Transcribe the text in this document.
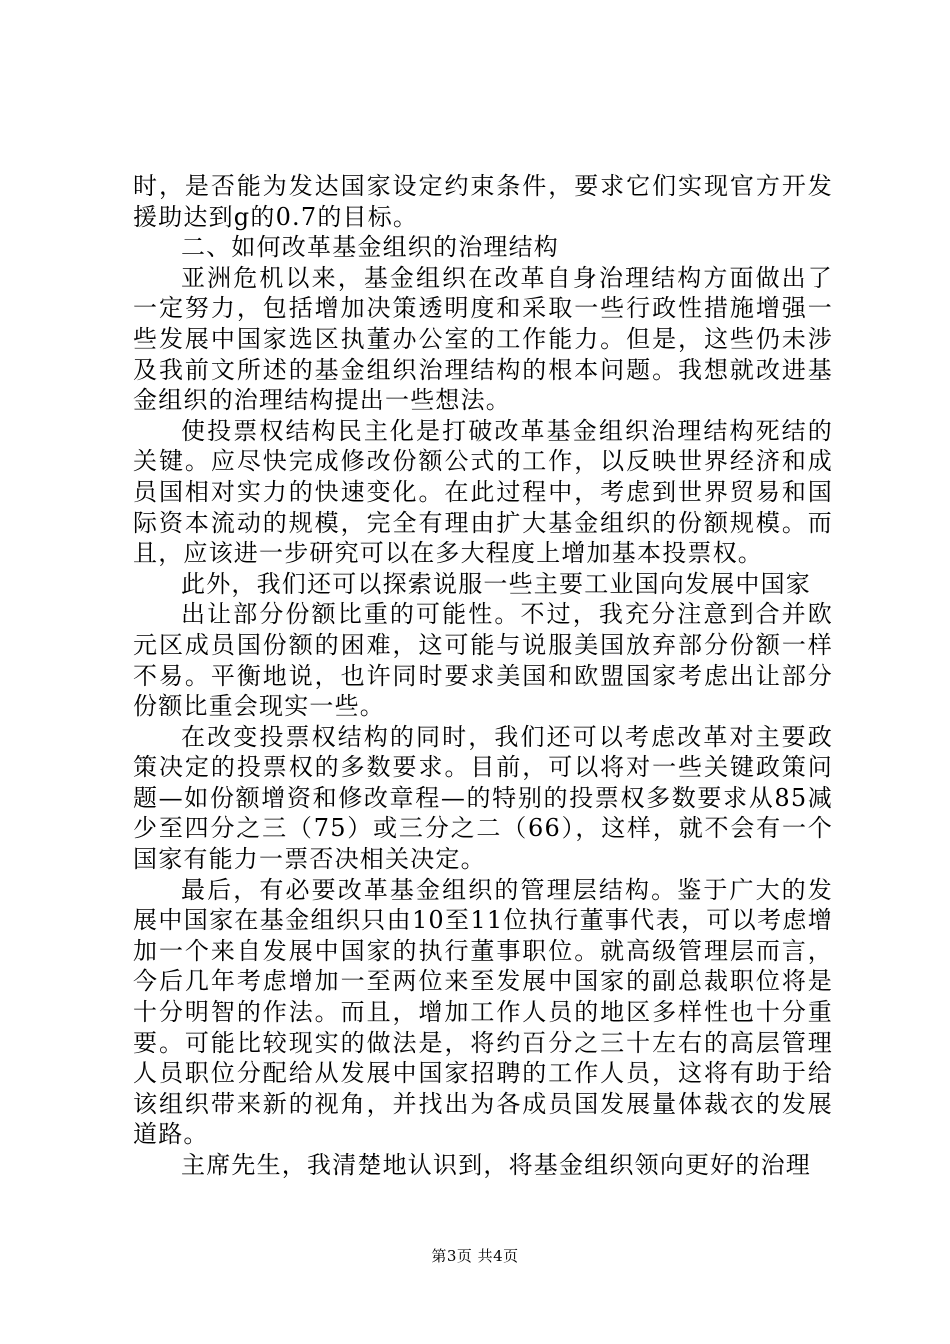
时，是否能为发达国家设定约束条件，要求它们实现官方开发援助达到g的0.7的目标。

二、如何改革基金组织的治理结构

亚洲危机以来，基金组织在改革自身治理结构方面做出了一定努力，包括增加决策透明度和采取一些行政性措施增强一些发展中国家选区执董办公室的工作能力。但是，这些仍未涉及我前文所述的基金组织治理结构的根本问题。我想就改进基金组织的治理结构提出一些想法。

使投票权结构民主化是打破改革基金组织治理结构死结的关键。应尽快完成修改份额公式的工作，以反映世界经济和成员国相对实力的快速变化。在此过程中，考虑到世界贸易和国际资本流动的规模，完全有理由扩大基金组织的份额规模。而且，应该进一步研究可以在多大程度上增加基本投票权。

此外，我们还可以探索说服一些主要工业国向发展中国家

出让部分份额比重的可能性。不过，我充分注意到合并欧元区成员国份额的困难，这可能与说服美国放弃部分份额一样不易。平衡地说，也许同时要求美国和欧盟国家考虑出让部分份额比重会现实一些。

在改变投票权结构的同时，我们还可以考虑改革对主要政策决定的投票权的多数要求。目前，可以将对一些关键政策问题—如份额增资和修改章程—的特别的投票权多数要求从85减少至四分之三（75）或三分之二（66），这样，就不会有一个国家有能力一票否决相关决定。

最后，有必要改革基金组织的管理层结构。鉴于广大的发展中国家在基金组织只由10至11位执行董事代表，可以考虑增加一个来自发展中国家的执行董事职位。就高级管理层而言，今后几年考虑增加一至两位来至发展中国家的副总裁职位将是十分明智的作法。而且，增加工作人员的地区多样性也十分重要。可能比较现实的做法是，将约百分之三十左右的高层管理人员职位分配给从发展中国家招聘的工作人员，这将有助于给该组织带来新的视角，并找出为各成员国发展量体裁衣的发展道路。

主席先生，我清楚地认识到，将基金组织领向更好的治理

第3页 共4页
